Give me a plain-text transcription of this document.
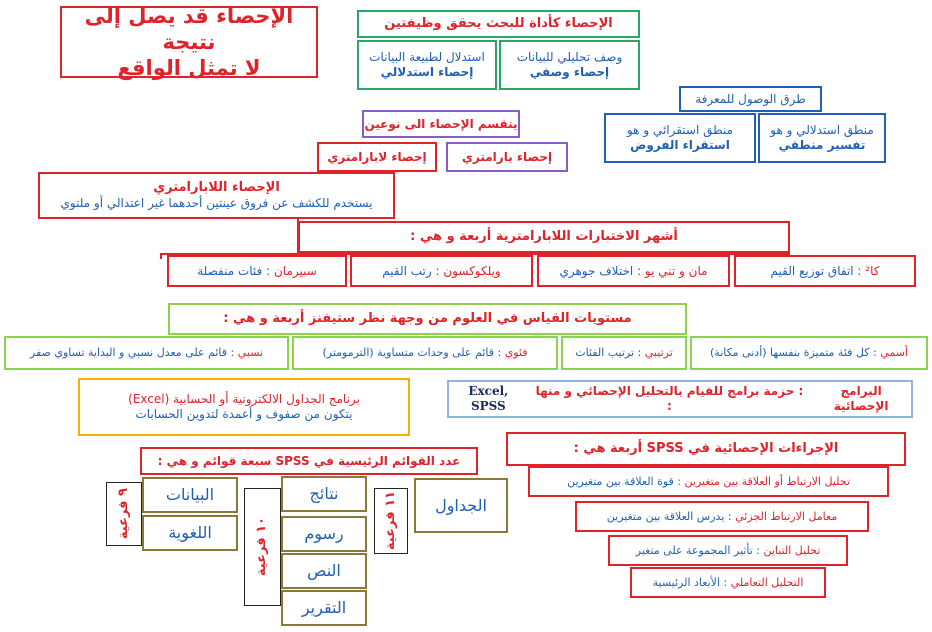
الإحصاء قد يصل إلى نتيجة
لا تمثل الواقع
الإحصاء كأداة للبحث يحقق وظيفتين
وصف تحليلي للبيانات
إحصاء وصفي
استدلال لطبيعة البيانات
إحصاء استدلالي
طرق الوصول للمعرفة
منطق استدلالي و هو
تفسير منطقي
منطق استقرائي و هو
استقراء الفروض
ينقسم الإحصاء الى نوعين
إحصاء بارامتري
إحصاء لابارامتري
الإحصاء اللابارامتري
يستخدم للكشف عن فروق عينتين أحدهما غير اعتدالي أو ملتوي
أشهر الاختبارات اللابارامترية أربعة و هي :
كا²

: اتفاق توزيع القيم
مان و تني يو

: اختلاف جوهري
ويلكوكسون

: رتب القيم
سبيرمان

: فئات منفصلة
مستويات القياس في العلوم من وجهة نظر ستيفنز أربعة و هي :
أسمي

: كل فئة متميزة بنفسها (أدنى مكانة)
ترتيبي

: ترتيب الفئات
فئوي

: قائم على وحدات متساوية (الترمومتر)
نسبي

: قائم على معدل نسبي و البداية تساوي صفر
البرامج الإحصائية

: حزمة برامج للقيام بالتحليل الإحصائي و منها :

Excel, SPSS
برنامج الجداول الالكترونية أو الحسابية (Excel)
يتكون من صفوف و أعمدة لتدوين الحسابات
الإجراءات الإحصائية في SPSS أربعة هي :
تحليل الارتباط أو العلاقة بين متغيرين

: قوة العلاقة بين متغيرين
معامل الارتباط الجزئي

: يدرس العلاقة بين متغيرين
تحليل التباين

: تأثير المجموعة على متغير
التحليل التعاملي

: الأبعاد الرئيسية
عدد القوائم الرئيسية في SPSS سبعة قوائم و هي :
البيانات
اللغوية
٩ فرعية	نتائج
رسوم
النص
التقرير
١٠ فرعية
الجداول
١١ فرعية
